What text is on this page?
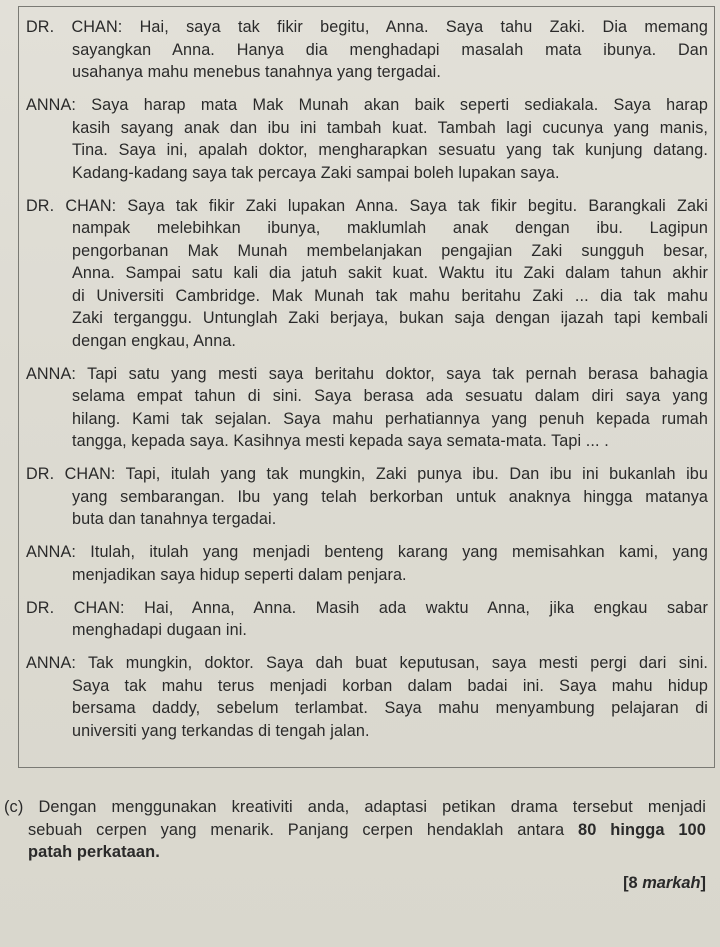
DR. CHAN: Hai, saya tak fikir begitu, Anna. Saya tahu Zaki. Dia memang
sayangkan Anna. Hanya dia menghadapi masalah mata ibunya. Dan
usahanya mahu menebus tanahnya yang tergadai.
ANNA: Saya harap mata Mak Munah akan baik seperti sediakala. Saya harap
kasih sayang anak dan ibu ini tambah kuat. Tambah lagi cucunya yang manis,
Tina. Saya ini, apalah doktor, mengharapkan sesuatu yang tak kunjung datang.
Kadang-kadang saya tak percaya Zaki sampai boleh lupakan saya.
DR. CHAN: Saya tak fikir Zaki lupakan Anna. Saya tak fikir begitu. Barangkali Zaki
nampak melebihkan ibunya, maklumlah anak dengan ibu. Lagipun
pengorbanan Mak Munah membelanjakan pengajian Zaki sungguh besar,
Anna. Sampai satu kali dia jatuh sakit kuat. Waktu itu Zaki dalam tahun akhir
di Universiti Cambridge. Mak Munah tak mahu beritahu Zaki ... dia tak mahu
Zaki terganggu. Untunglah Zaki berjaya, bukan saja dengan ijazah tapi kembali
dengan engkau, Anna.
ANNA: Tapi satu yang mesti saya beritahu doktor, saya tak pernah berasa bahagia
selama empat tahun di sini. Saya berasa ada sesuatu dalam diri saya yang
hilang. Kami tak sejalan. Saya mahu perhatiannya yang penuh kepada rumah
tangga, kepada saya. Kasihnya mesti kepada saya semata-mata. Tapi ... .
DR. CHAN: Tapi, itulah yang tak mungkin, Zaki punya ibu. Dan ibu ini bukanlah ibu
yang sembarangan. Ibu yang telah berkorban untuk anaknya hingga matanya
buta dan tanahnya tergadai.
ANNA: Itulah, itulah yang menjadi benteng karang yang memisahkan kami, yang
menjadikan saya hidup seperti dalam penjara.
DR. CHAN: Hai, Anna, Anna. Masih ada waktu Anna, jika engkau sabar
menghadapi dugaan ini.
ANNA: Tak mungkin, doktor. Saya dah buat keputusan, saya mesti pergi dari sini.
Saya tak mahu terus menjadi korban dalam badai ini. Saya mahu hidup
bersama daddy, sebelum terlambat. Saya mahu menyambung pelajaran di
universiti yang terkandas di tengah jalan.
(c) Dengan menggunakan kreativiti anda, adaptasi petikan drama tersebut menjadi
sebuah cerpen yang menarik. Panjang cerpen hendaklah antara 80 hingga 100
patah perkataan.
[8 markah]
